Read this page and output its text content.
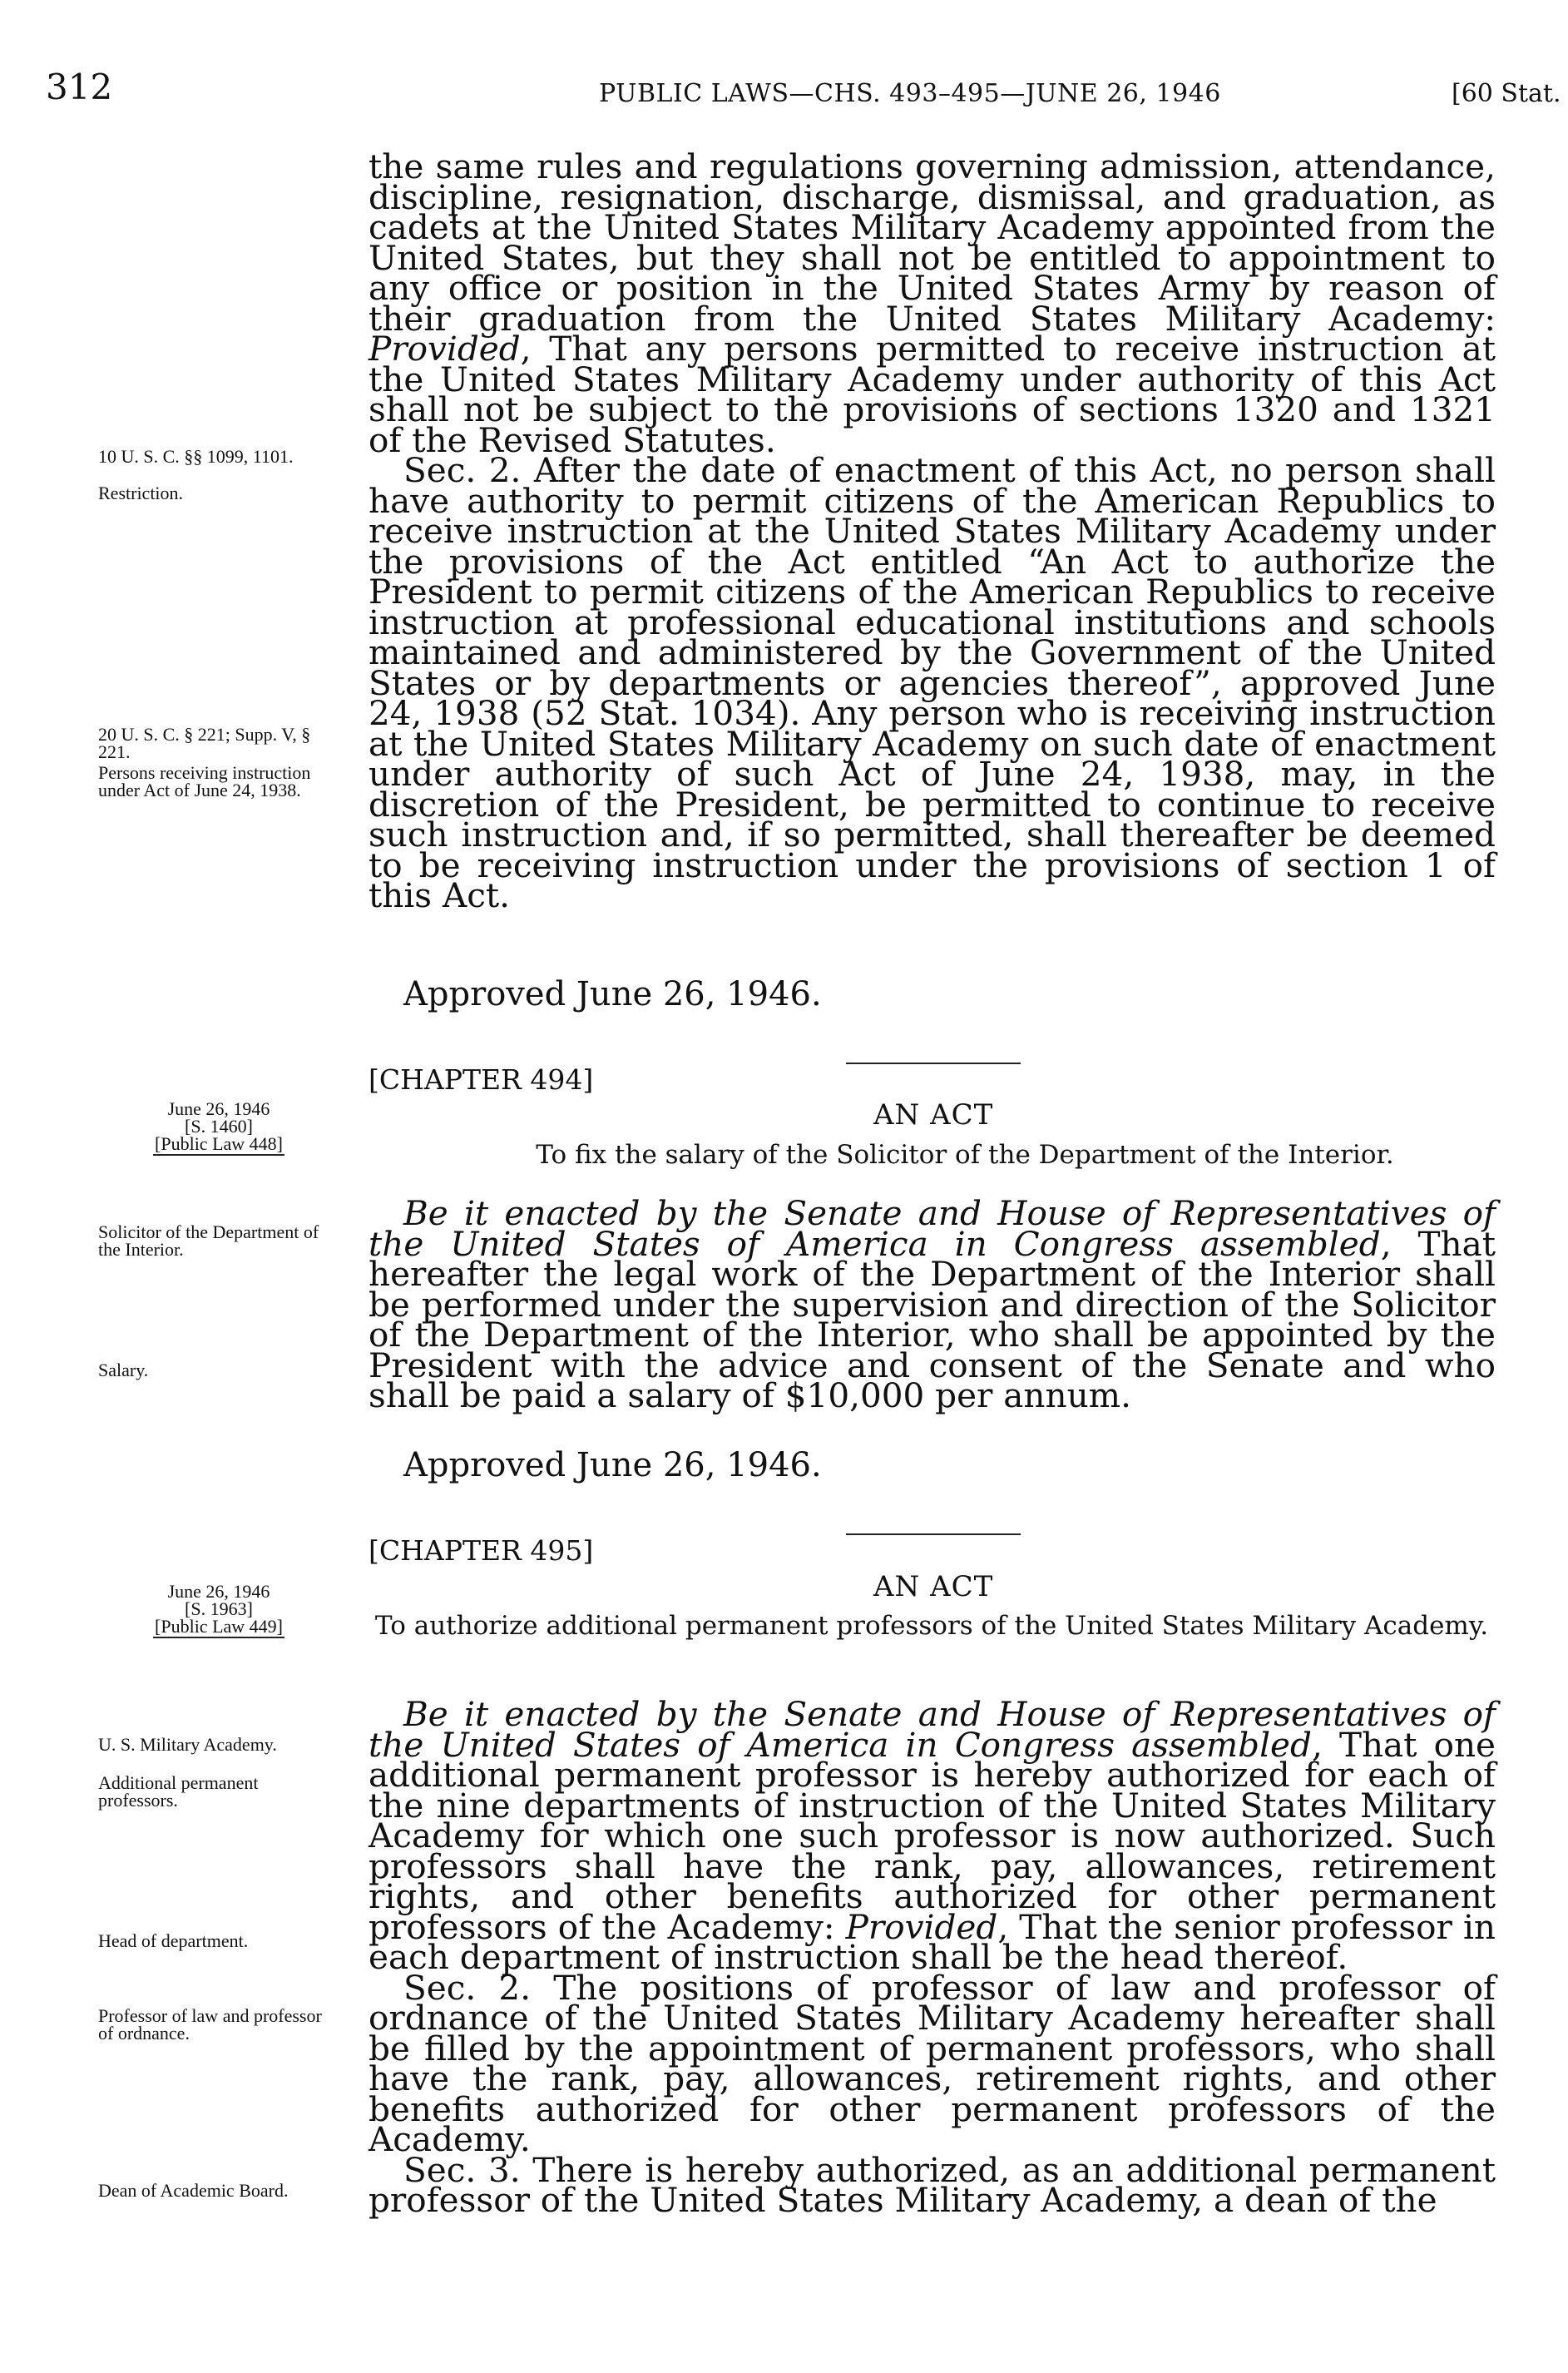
312	PUBLIC LAWS—CHS. 493–495—JUNE 26, 1946	[60 Stat.

the same rules and regulations governing admission, attendance, discipline, resignation, discharge, dismissal, and graduation, as cadets at the United States Military Academy appointed from the United States, but they shall not be entitled to appointment to any office or position in the United States Army by reason of their graduation from the United States Military Academy: Provided, That any persons permitted to receive instruction at the United States Military Academy under authority of this Act shall not be subject to the provisions of sections 1320 and 1321 of the Revised Statutes.

Sec. 2. After the date of enactment of this Act, no person shall have authority to permit citizens of the American Republics to receive instruction at the United States Military Academy under the provisions of the Act entitled “An Act to authorize the President to permit citizens of the American Republics to receive instruction at professional educational institutions and schools maintained and administered by the Government of the United States or by departments or agencies thereof”, approved June 24, 1938 (52 Stat. 1034). Any person who is receiving instruction at the United States Military Academy on such date of enactment under authority of such Act of June 24, 1938, may, in the discretion of the President, be permitted to continue to receive such instruction and, if so permitted, shall thereafter be deemed to be receiving instruction under the provisions of section 1 of this Act.

Approved June 26, 1946.
10 U. S. C. §§ 1099, 1101.
Restriction.
20 U. S. C. § 221; Supp. V, § 221.
Persons receiving instruction under Act of June 24, 1938.
[CHAPTER 494]
AN ACT
To fix the salary of the Solicitor of the Department of the Interior.
June 26, 1946
[S. 1460]
[Public Law 448]

Be it enacted by the Senate and House of Representatives of the United States of America in Congress assembled, That hereafter the legal work of the Department of the Interior shall be performed under the supervision and direction of the Solicitor of the Department of the Interior, who shall be appointed by the President with the advice and consent of the Senate and who shall be paid a salary of $10,000 per annum.

Approved June 26, 1946.
Solicitor of the Department of the Interior.
Salary.
[CHAPTER 495]
AN ACT
To authorize additional permanent professors of the United States Military Academy.
June 26, 1946
[S. 1963]
[Public Law 449]

Be it enacted by the Senate and House of Representatives of the United States of America in Congress assembled, That one additional permanent professor is hereby authorized for each of the nine departments of instruction of the United States Military Academy for which one such professor is now authorized. Such professors shall have the rank, pay, allowances, retirement rights, and other benefits authorized for other permanent professors of the Academy: Provided, That the senior professor in each department of instruction shall be the head thereof.

Sec. 2. The positions of professor of law and professor of ordnance of the United States Military Academy hereafter shall be filled by the appointment of permanent professors, who shall have the rank, pay, allowances, retirement rights, and other benefits authorized for other permanent professors of the Academy.

Sec. 3. There is hereby authorized, as an additional permanent professor of the United States Military Academy, a dean of the

U. S. Military Academy.
Additional permanent professors.
Head of department.
Professor of law and professor of ordnance.
Dean of Academic Board.
